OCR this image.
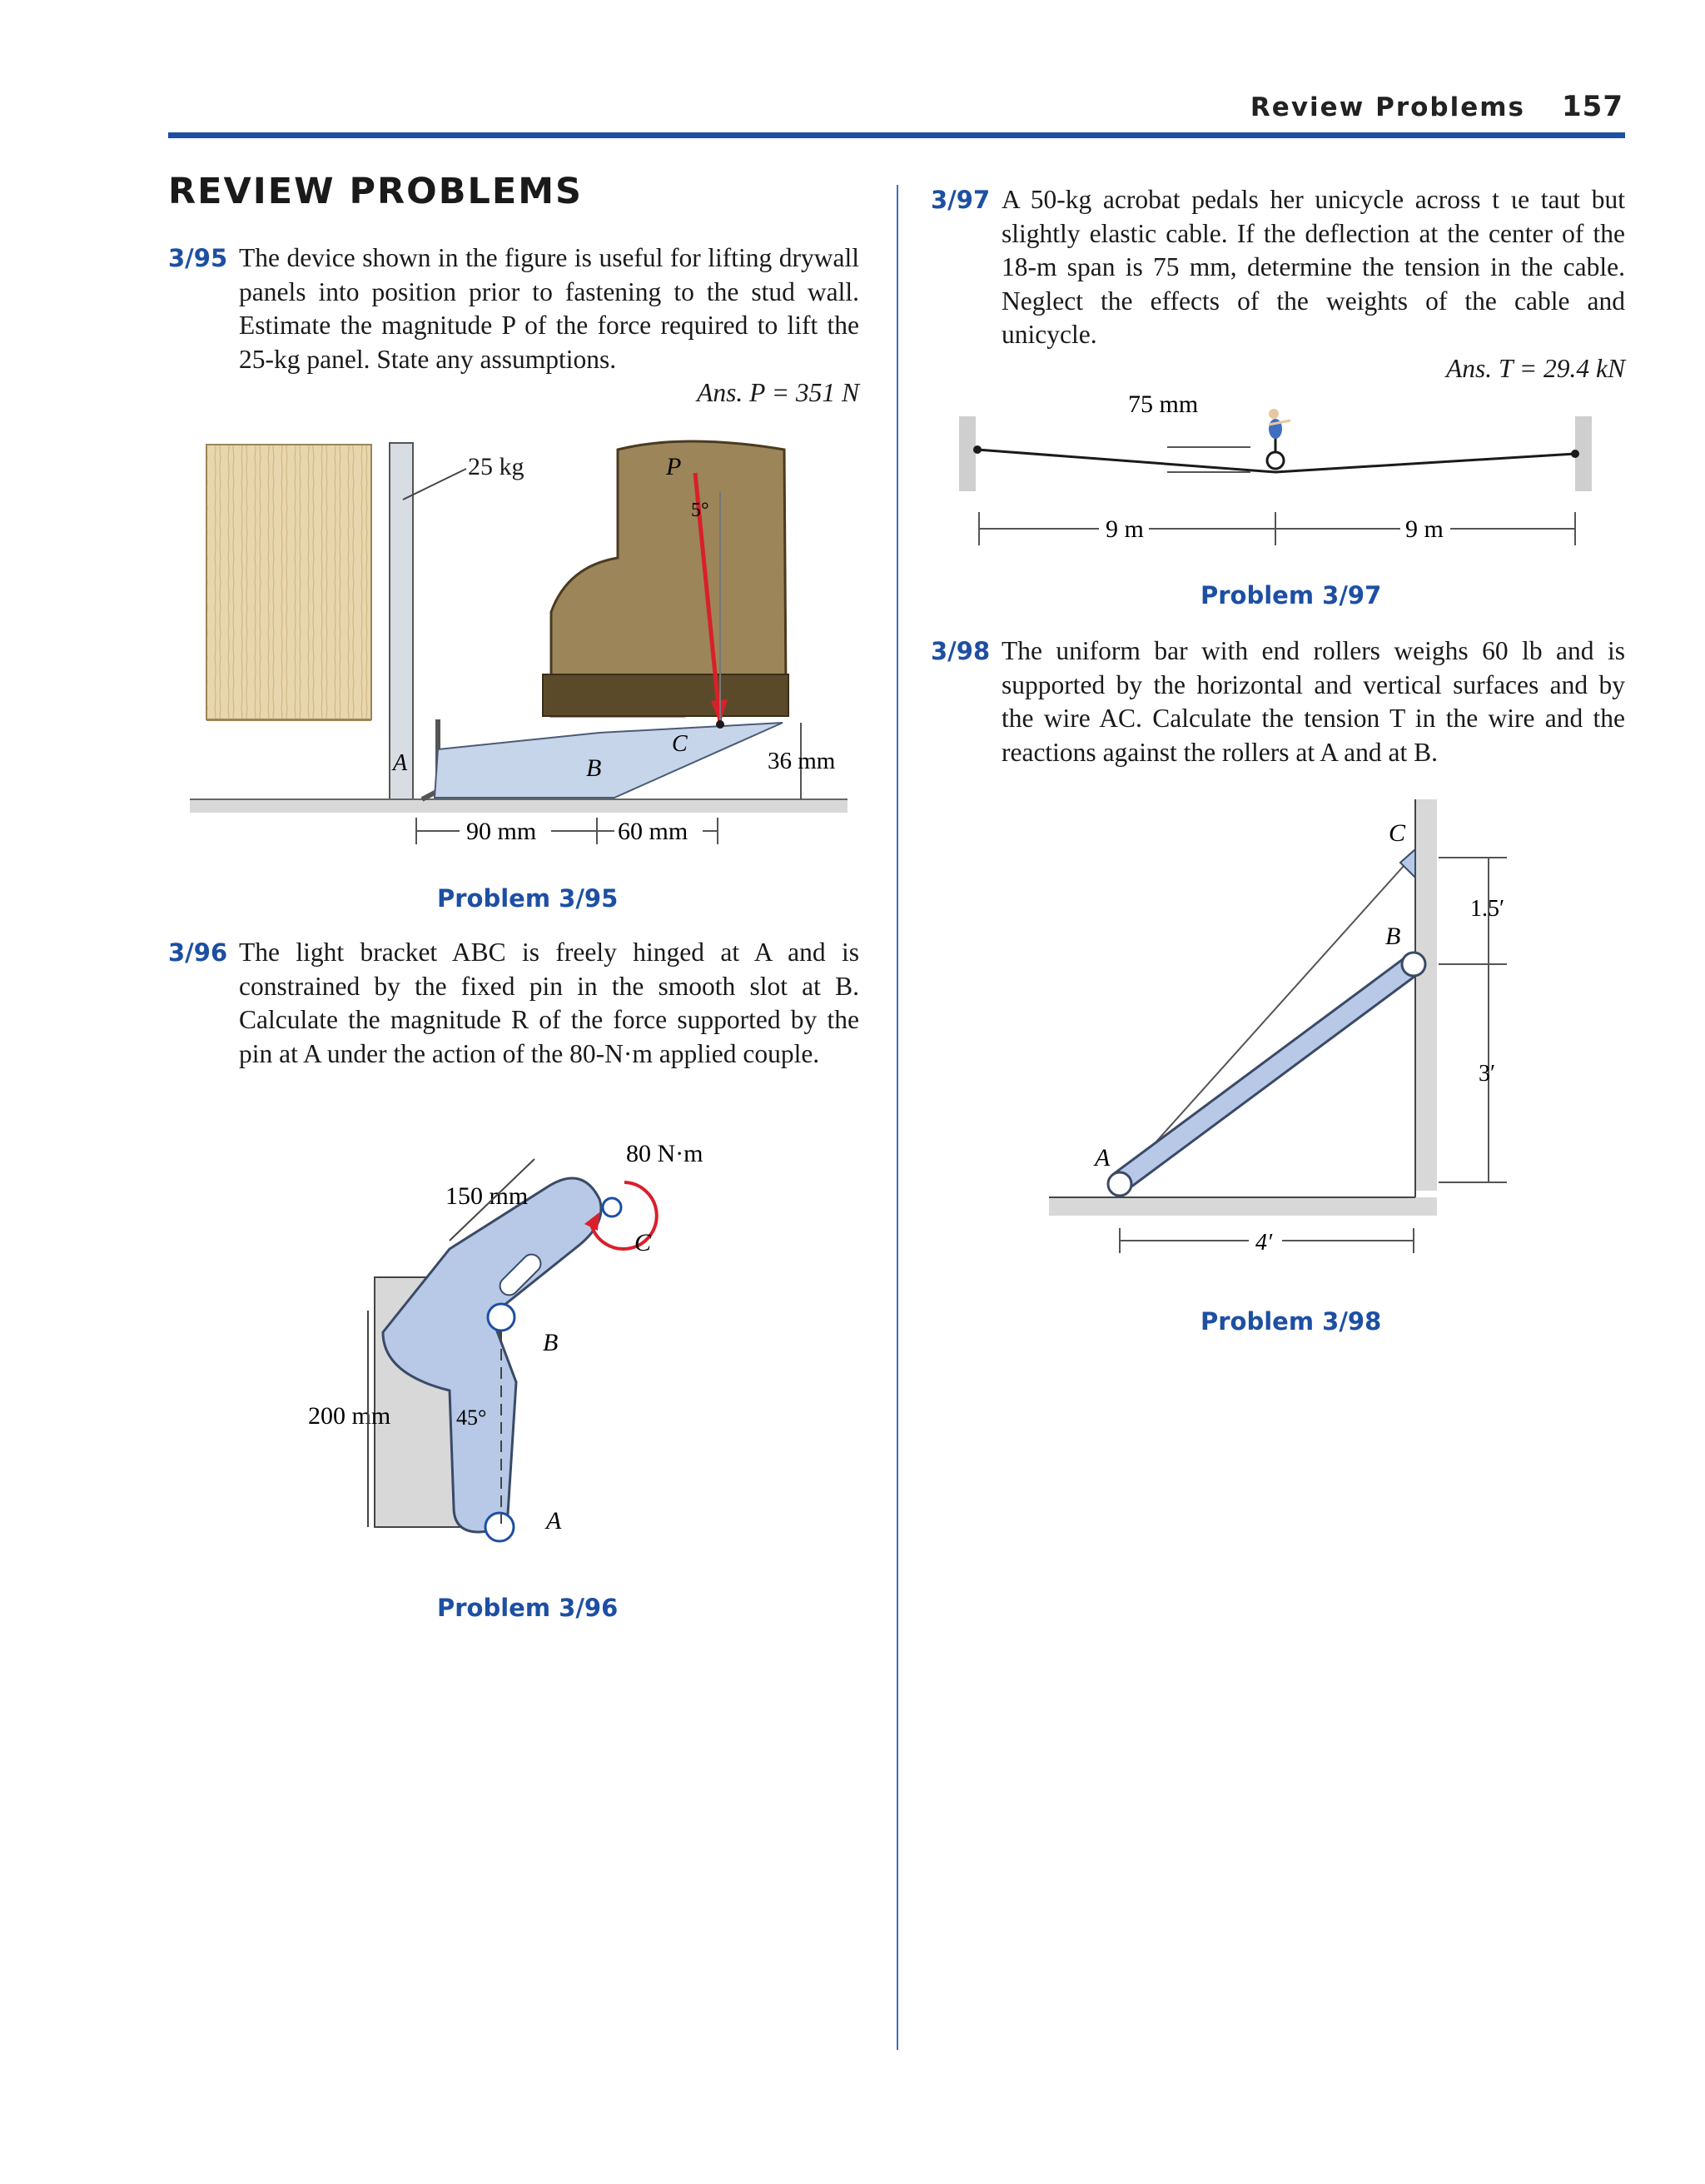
Review Problems 157
REVIEW PROBLEMS
3/95 The device shown in the figure is useful for lifting drywall panels into position prior to fastening to the stud wall. Estimate the magnitude P of the force required to lift the 25-kg panel. State any assumptions.
Ans. P = 351 N
25 kg	P
5°
A	B
C
36 mm
90 mm	60 mm
Problem 3/95
3/96 The light bracket ABC is freely hinged at A and is constrained by the fixed pin in the smooth slot at B. Calculate the magnitude R of the force supported by the pin at A under the action of the 80-N·m applied couple.
80 N·m
150 mm
200 mm	45°
A
B
C
Problem 3/96
3/97 A 50-kg acrobat pedals her unicycle across t ιe taut but slightly elastic cable. If the deflection at the center of the 18-m span is 75 mm, determine the tension in the cable. Neglect the effects of the weights of the cable and unicycle.
Ans. T = 29.4 kN
75 mm
9 m	9 m
Problem 3/97
3/98 The uniform bar with end rollers weighs 60 lb and is supported by the horizontal and vertical surfaces and by the wire AC. Calculate the tension T in the wire and the reactions against the rollers at A and at B.
A
B
C
1.5′
3′
4′
Problem 3/98
